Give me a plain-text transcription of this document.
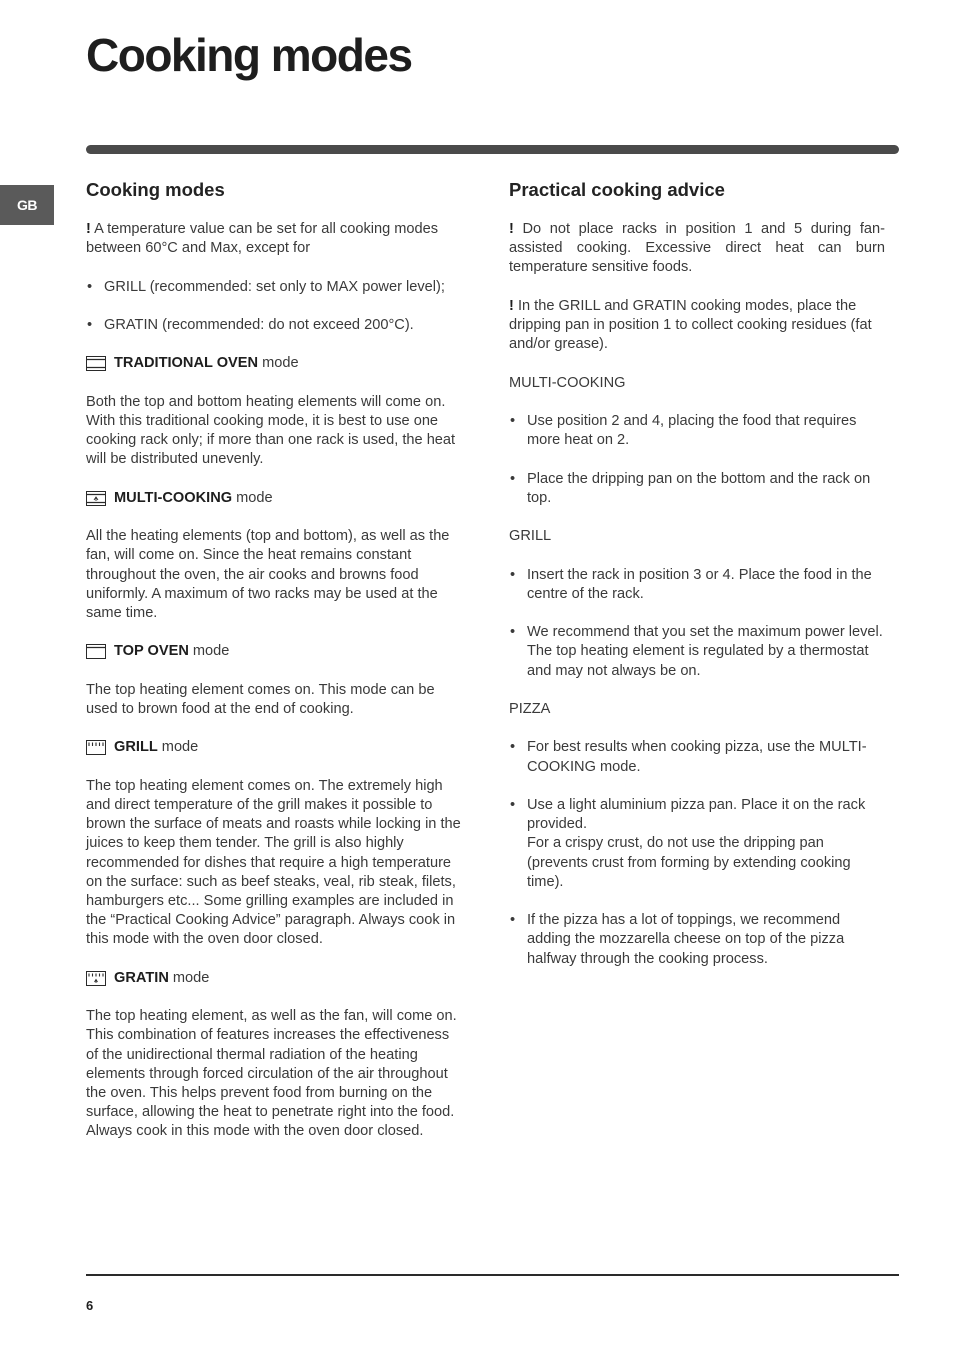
Cooking modes
GB
Cooking modes

! A temperature value can be set for all cooking modes between 60°C and Max, except for

• GRILL (recommended: set only to MAX power level);
• GRATIN (recommended: do not exceed 200°C).
TRADITIONAL OVEN mode

Both the top and bottom heating elements will come on. With this traditional cooking mode, it is best to use one cooking rack only; if more than one rack is used, the heat will be distributed unevenly.

MULTI-COOKING mode

All the heating elements (top and bottom), as well as the fan, will come on. Since the heat remains constant throughout the oven, the air cooks and browns food uniformly. A maximum of two racks may be used at the same time.

TOP OVEN mode

The top heating element comes on. This mode can be used to brown food at the end of cooking.

GRILL mode

The top heating element comes on. The extremely high and direct temperature of the grill makes it possible to brown the surface of meats and roasts while locking in the juices to keep them tender. The grill is also highly recommended for dishes that require a high temperature on the surface: such as beef steaks, veal, rib steak, filets, hamburgers etc... Some grilling examples are included in the “Practical Cooking Advice” paragraph. Always cook in this mode with the oven door closed.

GRATIN mode

The top heating element, as well as the fan, will come on. This combination of features increases the effectiveness of the unidirectional thermal radiation of the heating elements through forced circulation of the air throughout the oven. This helps prevent food from burning on the surface, allowing the heat to penetrate right into the food. Always cook in this mode with the oven door closed.

Practical cooking advice

! Do not place racks in position 1 and 5 during fan-assisted cooking. Excessive direct heat can burn temperature sensitive foods.

! In the GRILL and GRATIN cooking modes, place the dripping pan in position 1 to collect cooking residues (fat and/or grease).

MULTI-COOKING

• Use position 2 and 4, placing the food that requires more heat on 2.
• Place the dripping pan on the bottom and the rack on top.

GRILL

• Insert the rack in position 3 or 4. Place the food in the centre of the rack.
• We recommend that you set the maximum power level. The top heating element is regulated by a thermostat and may not always be on.

PIZZA

• For best results when cooking pizza, use the MULTI-COOKING mode.
• Use a light aluminium pizza pan. Place it on the rack provided.
For a crispy crust, do not use the dripping pan (prevents crust from forming by extending cooking time).
• If the pizza has a lot of toppings, we recommend adding the mozzarella cheese on top of the pizza halfway through the cooking process.
6
